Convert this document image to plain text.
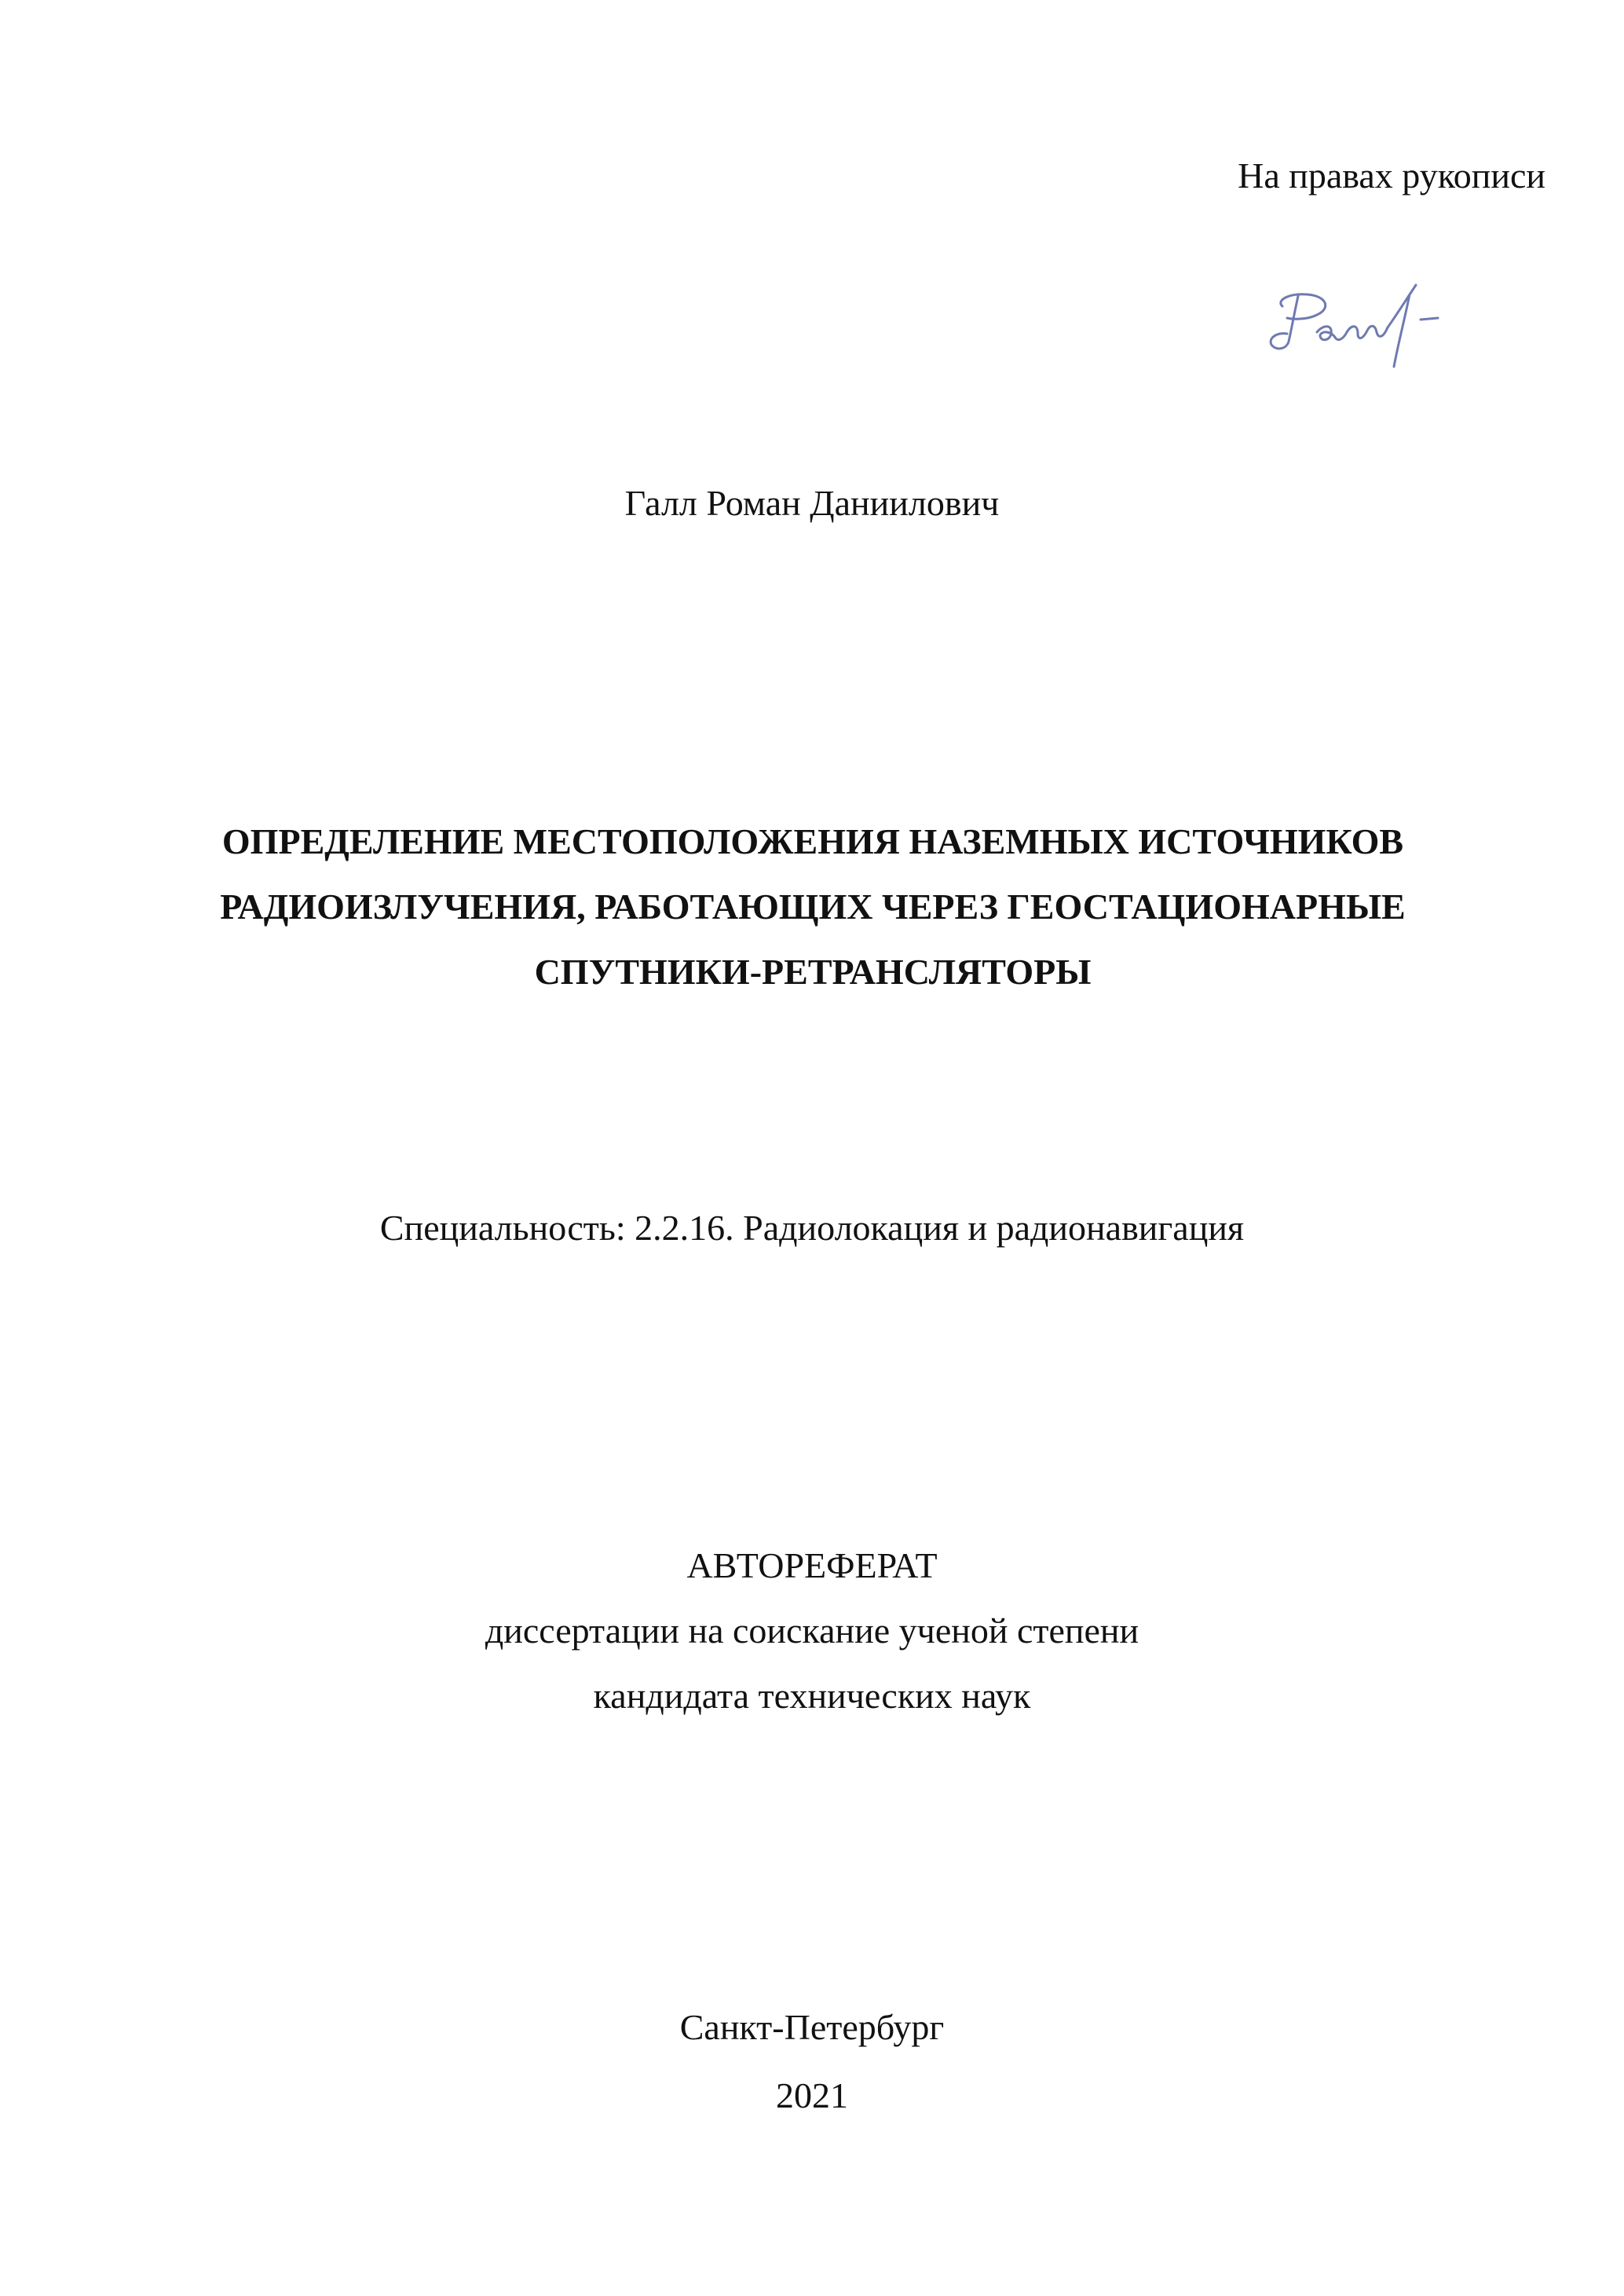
На правах рукописи
Галл Роман Даниилович
ОПРЕДЕЛЕНИЕ МЕСТОПОЛОЖЕНИЯ НАЗЕМНЫХ ИСТОЧНИКОВ
РАДИОИЗЛУЧЕНИЯ, РАБОТАЮЩИХ ЧЕРЕЗ ГЕОСТАЦИОНАРНЫЕ
СПУТНИКИ-РЕТРАНСЛЯТОРЫ
Специальность: 2.2.16. Радиолокация и радионавигация
АВТОРЕФЕРАТ
диссертации на соискание ученой степени
кандидата технических наук
Санкт-Петербург
2021
